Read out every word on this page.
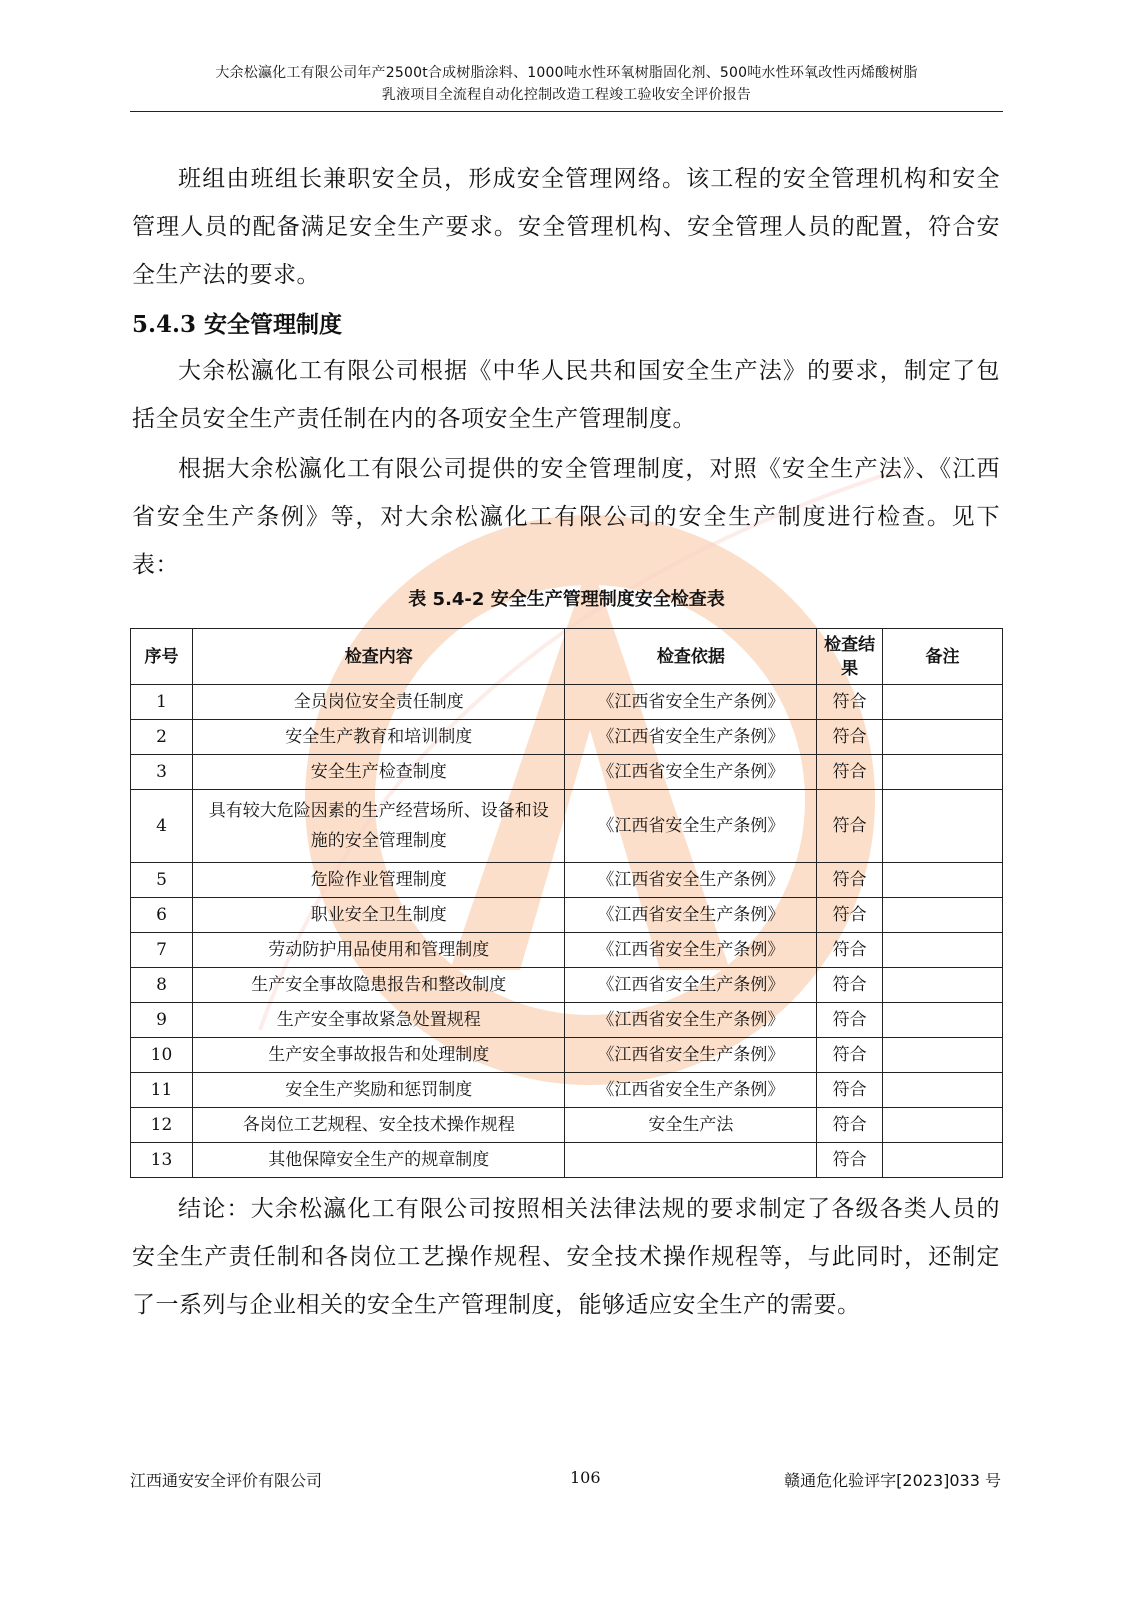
大余松瀛化工有限公司年产2500t合成树脂涂料、1000吨水性环氧树脂固化剂、500吨水性环氧改性丙烯酸树脂
乳液项目全流程自动化控制改造工程竣工验收安全评价报告

班组由班组长兼职安全员，形成安全管理网络。该工程的安全管理机构和安全管理人员的配备满足安全生产要求。安全管理机构、安全管理人员的配置，符合安全生产法的要求。

5.4.3 安全管理制度

大余松瀛化工有限公司根据《中华人民共和国安全生产法》的要求，制定了包括全员安全生产责任制在内的各项安全生产管理制度。

根据大余松瀛化工有限公司提供的安全管理制度，对照《安全生产法》、《江西省安全生产条例》等，对大余松瀛化工有限公司的安全生产制度进行检查。见下表：

表 5.4-2 安全生产管理制度安全检查表
序号	检查内容	检查依据	检查结果	备注
1	全员岗位安全责任制度	《江西省安全生产条例》	符合	
2	安全生产教育和培训制度	《江西省安全生产条例》	符合	
3	安全生产检查制度	《江西省安全生产条例》	符合	
4	具有较大危险因素的生产经营场所、设备和设施的安全管理制度	《江西省安全生产条例》	符合	
5	危险作业管理制度	《江西省安全生产条例》	符合	
6	职业安全卫生制度	《江西省安全生产条例》	符合	
7	劳动防护用品使用和管理制度	《江西省安全生产条例》	符合	
8	生产安全事故隐患报告和整改制度	《江西省安全生产条例》	符合	
9	生产安全事故紧急处置规程	《江西省安全生产条例》	符合	
10	生产安全事故报告和处理制度	《江西省安全生产条例》	符合	
11	安全生产奖励和惩罚制度	《江西省安全生产条例》	符合	
12	各岗位工艺规程、安全技术操作规程	安全生产法	符合	
13	其他保障安全生产的规章制度		符合	

结论：大余松瀛化工有限公司按照相关法律法规的要求制定了各级各类人员的安全生产责任制和各岗位工艺操作规程、安全技术操作规程等，与此同时，还制定了一系列与企业相关的安全生产管理制度，能够适应安全生产的需要。

江西通安安全评价有限公司	106	赣通危化验评字[2023]033 号
